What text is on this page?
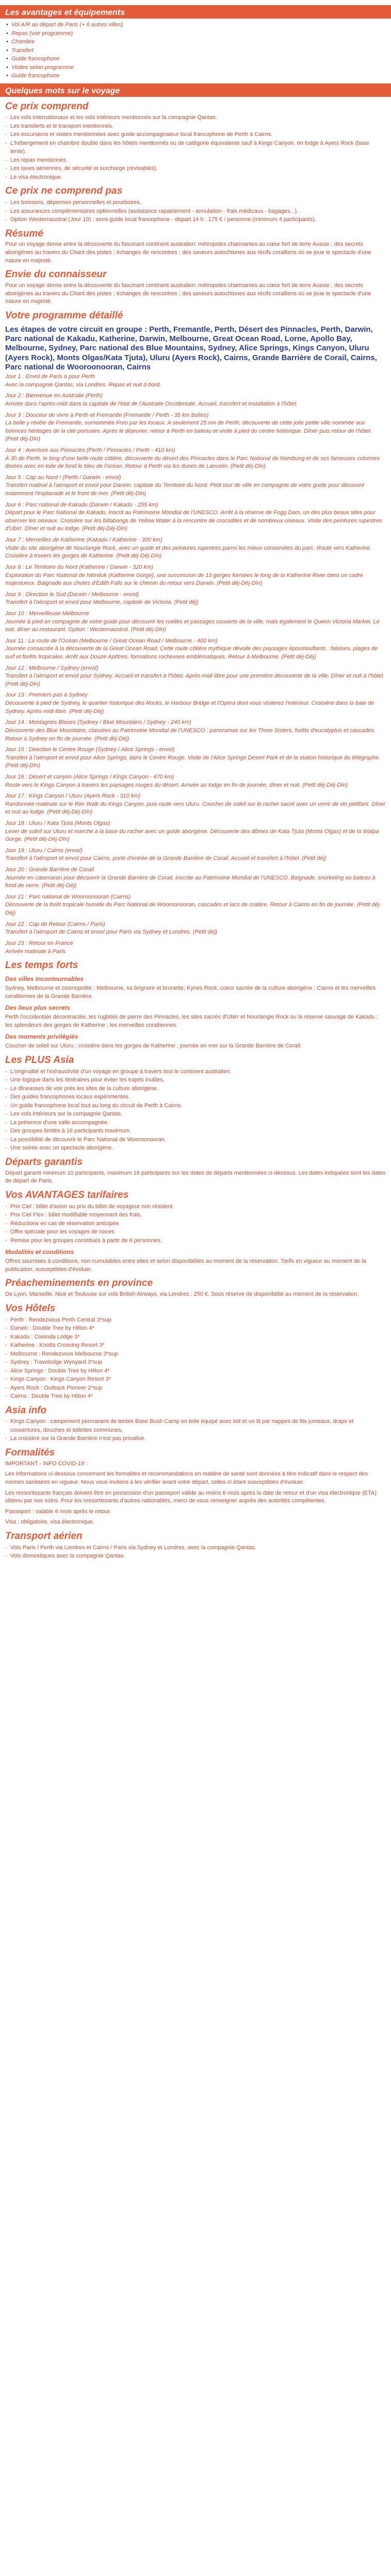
Les avantages et équipements
• Vol A/R au départ de Paris (+ 6 autres villes)
• Repas (voir programme)
• Chambre
• Transfert
• Guide francophone
• Visites selon programme
• Guide francophone
Quelques mots sur le voyage
Ce prix comprend
- Les vols internationaux et les vols intérieurs mentionnés sur la compagnie Qantas.
- Les transferts et le transport mentionnés.
- Les excursions et visites mentionnées avec guide accompagnateur local francophone de Perth à Cairns.
- L'hébergement en chambre double dans les hôtels mentionnés ou de catégorie équivalente sauf à Kings Canyon, en lodge à Ayers Rock (base tente).
- Les repas mentionnés.
- Les taxes aériennes, de sécurité et surcharge (révisables).
- Le visa électronique.
Ce prix ne comprend pas
- Les boissons, dépenses personnelles et pourboires.
- Les assurances complémentaires optionnelles (assistance rapatriement - annulation - frais médicaux - bagages...).
- Option Westernaustral (Jour 10) : semi-guide local francophone - départ 14 h : 175 € / personne (minimum 4 participants).
Résumé

Pour un voyage dense entre la découverte du fascinant continent australien: métropoles charmantes au cœur fort de terre Aussie ; des secrets aborigènes au travers du Chant des pistes ; échanges de rencontres ; des saveurs autochtones aux récifs coralliens où se joue le spectacle d'une nature en majesté.

Envie du connaisseur

Pour un voyage dense entre la découverte du fascinant continent australien: métropoles charmantes au cœur fort de terre Aussie ; des secrets aborigènes au travers du Chant des pistes ; échanges de rencontres ; des saveurs autochtones aux récifs coralliens où se joue le spectacle d'une nature en majesté.

Votre programme détaillé
Les étapes de votre circuit en groupe : Perth, Fremantle, Perth, Désert des Pinnacles, Perth, Darwin, Parc national de Kakadu, Katherine, Darwin, Melbourne, Great Ocean Road, Lorne, Apollo Bay, Melbourne, Sydney, Parc national des Blue Mountains, Sydney, Alice Springs, Kings Canyon, Uluru (Ayers Rock), Monts Olgas/Kata Tjuta), Uluru (Ayers Rock), Cairns, Grande Barrière de Corail, Cairns, Parc national de Wooroonooran, Cairns
Jour 1 : Envol de Paris à pour Perth
Avec la compagnie Qantas, via Londres. Repas et nuit à bord.
Jour 2 : Bienvenue en Australie (Perth)
Arrivée dans l'après-midi dans la capitale de l'état de l'Australie Occidentale. Accueil, transfert et installation à l'hôtel.
Jour 3 : Douceur de vivre à Perth et Fremantle (Fremantle / Perth - 35 km boîtes)
La belle y révèle de Fremantle, surnommée Freo par les locaux. A seulement 25 mn de Perth, découverte de cette jolie petite ville nommée aux faïences héritages de la cité portuaire. Après le déjeuner, retour à Perth en bateau et visite à pied du centre historique. Dîner puis retour de l'hôtel. (Petit déj-Dîn)
Jour 4 : Aventure aux Pinnacles (Perth / Pinnacles / Perth - 410 km)
À 3h de Perth, le long d'une belle route côtière, découverte du désert des Pinnacles dans le Parc National de Nambung et de ses fameuses colonnes dorées avec en toile de fond le bleu de l'océan. Retour à Perth via les dunes de Lancelin. (Petit déj-Dîn)
Jour 5 : Cap au Nord ! (Perth / Darwin - envol)
Transfert matinal à l'aéroport et envol pour Darwin, capitale du Territoire du Nord. Petit tour de ville en compagnie de votre guide pour découvrir notamment l'esplanade et le front de mer. (Petit déj-Dîn)
Jour 6 : Parc national de Kakadu (Darwin / Kakadu - 255 km)
Départ pour le Parc National de Kakadu, inscrit au Patrimoine Mondial de l'UNESCO. Arrêt à la réserve de Fogg Dam, un des plus beaux sites pour observer les oiseaux. Croisière sur les billabongs de Yellow Water à la rencontre de crocodiles et de nombreux oiseaux. Visite des peintures rupestres d'Ubirr. Dîner et nuit au lodge. (Petit déj-Déj-Dîn)
Jour 7 : Merveilles de Katherine (Kakadu / Katherine - 300 km)
Visite du site aborigène de Nourlangie Rock, avec un guide et des peintures rupestres parmi les mieux conservées du parc. Route vers Katherine. Croisière à travers les gorges de Katherine. (Petit déj-Déj-Dîn)
Jour 8 : Le Territoire du Nord (Katherine / Darwin - 320 km)
Exploration du Parc National de Nitmiluk (Katherine Gorge), une succession de 13 gorges formées le long de la Katherine River dans un cadre majestueux. Baignade aux chutes d'Edith Falls sur le chemin du retour vers Darwin. (Petit déj-Déj-Dîn)
Jour 9 : Direction le Sud (Darwin / Melbourne - envol)
Transfert à l'aéroport et envol pour Melbourne, capitale de Victoria. (Petit déj)
Jour 10 : Merveilleuse Melbourne
Journée à pied en compagnie de votre guide pour découvrir les ruelles et passages couverts de la ville, mais également le Queen Victoria Market. Le soir, dîner au restaurant. Option : Westernaustral. (Petit déj-Dîn)
Jour 11 : La route de l'Océan (Melbourne / Great Ocean Road / Melbourne - 400 km)
Journée consacrée à la découverte de la Great Ocean Road. Cette route côtière mythique dévoile des paysages époustouflants : falaises, plages de surf et forêts tropicales. Arrêt aux Douze Apôtres, formations rocheuses emblématiques. Retour à Melbourne. (Petit déj-Déj)
Jour 12 : Melbourne / Sydney (envol)
Transfert à l'aéroport et envol pour Sydney. Accueil et transfert à l'hôtel. Après-midi libre pour une première découverte de la ville. Dîner et nuit à l'hôtel. (Petit déj-Dîn)
Jour 13 : Premiers pas à Sydney
Découverte à pied de Sydney, le quartier historique des Rocks, le Harbour Bridge et l'Opéra dont vous visiterez l'intérieur. Croisière dans la baie de Sydney. Après-midi libre. (Petit déj-Déj)
Jour 14 : Montagnes Bleues (Sydney / Blue Mountains / Sydney - 240 km)
Découverte des Blue Mountains, classées au Patrimoine Mondial de l'UNESCO : panoramas sur les Three Sisters, forêts d'eucalyptus et cascades. Retour à Sydney en fin de journée. (Petit déj-Déj)
Jour 15 : Direction le Centre Rouge (Sydney / Alice Springs - envol)
Transfert à l'aéroport et envol pour Alice Springs, dans le Centre Rouge. Visite de l'Alice Springs Desert Park et de la station historique du télégraphe. (Petit déj-Dîn)
Jour 16 : Désert et canyon (Alice Springs / Kings Canyon - 470 km)
Route vers le Kings Canyon à travers les paysages rouges du désert. Arrivée au lodge en fin de journée, dîner et nuit. (Petit déj-Déj-Dîn)
Jour 17 : Kings Canyon / Uluru (Ayers Rock - 310 km)
Randonnée matinale sur le Rim Walk du Kings Canyon, puis route vers Uluru. Coucher de soleil sur le rocher sacré avec un verre de vin pétillant. Dîner et nuit au lodge. (Petit déj-Déj-Dîn)
Jour 18 : Uluru / Kata Tjuta (Monts Olgas)
Lever de soleil sur Uluru et marche à la base du rocher avec un guide aborigène. Découverte des dômes de Kata Tjuta (Monts Olgas) et de la Walpa Gorge. (Petit déj-Déj-Dîn)
Jour 19 : Uluru / Cairns (envol)
Transfert à l'aéroport et envol pour Cairns, porte d'entrée de la Grande Barrière de Corail. Accueil et transfert à l'hôtel. (Petit déj)
Jour 20 : Grande Barrière de Corail
Journée en catamaran pour découvrir la Grande Barrière de Corail, inscrite au Patrimoine Mondial de l'UNESCO. Baignade, snorkeling ou bateau à fond de verre. (Petit déj-Déj)
Jour 21 : Parc national de Wooroonooran (Cairns)
Découverte de la forêt tropicale humide du Parc National de Wooroonooran, cascades et lacs de cratère. Retour à Cairns en fin de journée. (Petit déj-Déj)
Jour 22 : Cap de Retour (Cairns / Paris)
Transfert à l'aéroport de Cairns et envol pour Paris via Sydney et Londres. (Petit déj)
Jour 23 : Retour en France
Arrivée matinale à Paris.
Les temps forts
Des villes incontournables

Sydney, Melbourne et cosmopolite ; Melbourne, sa brignore et brunette; Kynes Rock, coeur sacrée de la culture aborigène ; Cairns et les merveilles coralliennes de la Grande Barrière.

Des lieux plus secrets

Perth l'occidentale décontractée, les rugbités de pierre des Pinnacles, les sites sacrés d'Ubirr et Nourlangie Rock ou la réserve sauvage de Kakadu ; les splendeurs des gorges de Katherine ; les merveilles coralliennes.

Des moments privilégiés

Coucher de soleil sur Uluru ; croisière dans les gorges de Katherine ; journée en mer sur la Grande Barrière de Corail.

Les PLUS Asia
- L'originalité et l'exhaustivité d'un voyage en groupe à travers tout le continent australien.
- Une logique dans les itinéraires pour éviter les trajets inutiles.
- Le dîneasses de voir près les sites de la culture aborigène.
- Des guides francophones locaux expérimentés.
- Un guide francophone local tout au long du circuit de Perth à Cairns.
- Les vols intérieurs sur la compagnie Qantas.
- La présence d'une salle accompagnée.
- Des groupes limités à 16 participants maximum.
- La possibilité de découvrir le Parc National de Wooroonooran.
- Une soirée avec un spectacle aborigène.
Départs garantis

Départ garanti minimum 10 participants, maximum 16 participants sur les dates de départs mentionnées ci-dessous. Les dates indiquées sont les dates de départ de Paris.

Vos AVANTAGES tarifaires
- Prix Ciel : billet d'avion au prix du billet de voyageur non résident.
- Prix Ciel Flex : billet modifiable moyennant des frais.
- Réductions en cas de réservation anticipée.
- Offre spéciale pour les voyages de noces.
- Remise pour les groupes constitués à partir de 6 personnes.
Modalités et conditions

Offres soumises à conditions, non cumulables entre elles et selon disponibilités au moment de la réservation. Tarifs en vigueur au moment de la publication, susceptibles d'évoluer.

Préacheminements en province

De Lyon, Marseille, Nice et Toulouse sur vols British Airways, via Londres : 250 €. Sous réserve de disponibilité au moment de la réservation.

Vos Hôtels
- Perth : Rendezvous Perth Central 3*sup
- Darwin : Double Tree by Hilton 4*
- Kakadu : Cooinda Lodge 3*
- Katherine : Knotts Crossing Resort 3*
- Melbourne : Rendezvous Melbourne 3*sup
- Sydney : Travelodge Wynyard 3*sup
- Alice Springs : Double Tree by Hilton 4*
- Kings Canyon : Kings Canyon Resort 3*
- Ayers Rock : Outback Pioneer 2*sup
- Cairns : Double Tree by Hilton 4*
Asia info
- Kings Canyon : campement permanent de tentes Base Bush Camp en toile équipé avec toit et un lit par nappes de lits jumeaux, draps et couvertures, douches et toilettes communes.
- La croisière sur la Grande Barrière n'est pas privative.
Formalités

IMPORTANT - INFO COVID-19 :

Les informations ci-dessous concernent les formalités et recommandations en matière de santé sont données à titre indicatif dans le respect des normes sanitaires en vigueur. Nous vous invitons à les vérifier avant votre départ, celles-ci étant susceptibles d'évoluer.

Les ressortissants français doivent être en possession d'un passeport valide au moins 6 mois après la date de retour et d'un visa électronique (ETA) obtenu par nos soins. Pour les ressortissants d'autres nationalités, merci de vous renseigner auprès des autorités compétentes.

Passeport : valable 6 mois après le retour.

Visa : obligatoire, visa électronique.

Transport aérien
- Vols Paris / Perth via Londres et Cairns / Paris via Sydney et Londres, avec la compagnie Qantas.
- Vols domestiques avec la compagnie Qantas.
